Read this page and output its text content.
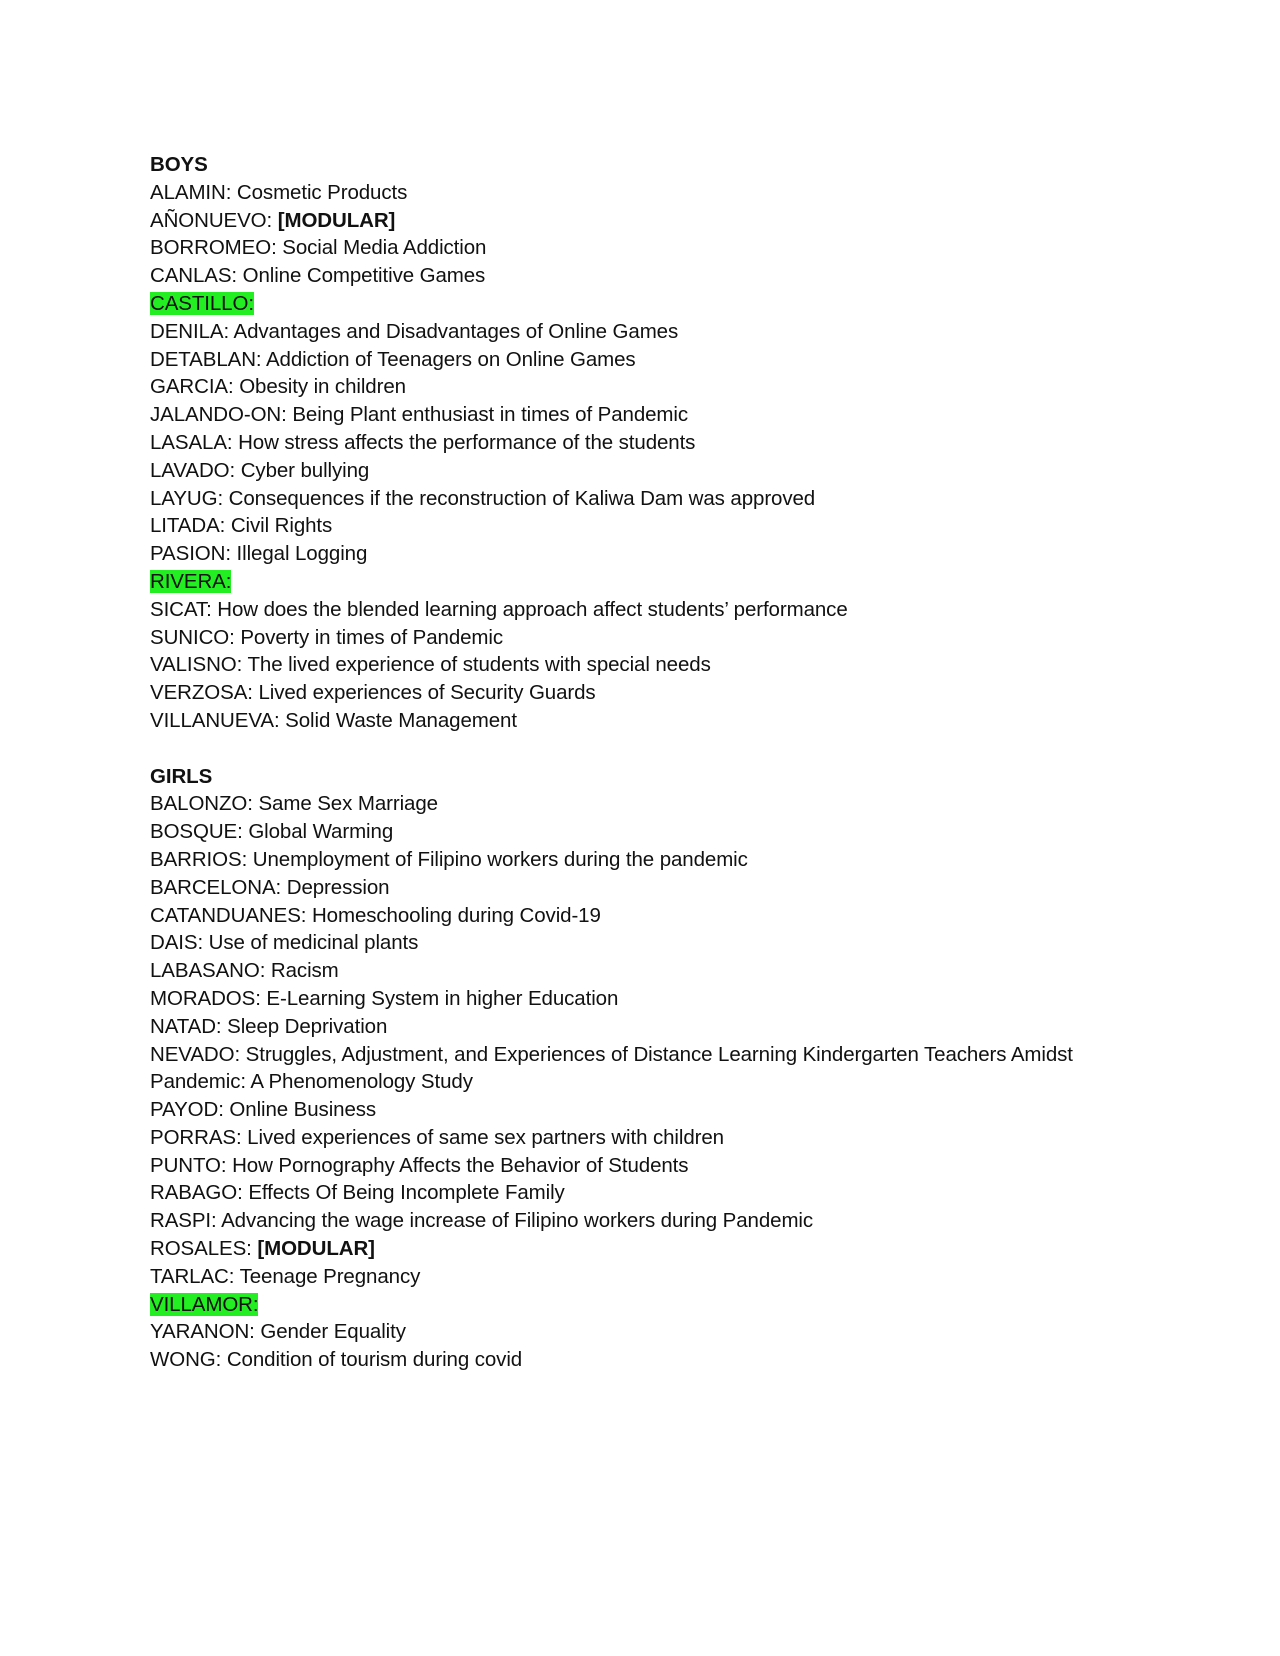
BOYS
ALAMIN: Cosmetic Products
AÑONUEVO: [MODULAR]
BORROMEO: Social Media Addiction
CANLAS: Online Competitive Games
CASTILLO:
DENILA: Advantages and Disadvantages of Online Games
DETABLAN: Addiction of Teenagers on Online Games
GARCIA: Obesity in children
JALANDO-ON: Being Plant enthusiast in times of Pandemic
LASALA: How stress affects the performance of the students
LAVADO: Cyber bullying
LAYUG: Consequences if the reconstruction of Kaliwa Dam was approved
LITADA: Civil Rights
PASION: Illegal Logging
RIVERA:
SICAT: How does the blended learning approach affect students’ performance
SUNICO: Poverty in times of Pandemic
VALISNO: The lived experience of students with special needs
VERZOSA: Lived experiences of Security Guards
VILLANUEVA: Solid Waste Management
GIRLS
BALONZO: Same Sex Marriage
BOSQUE: Global Warming
BARRIOS: Unemployment of Filipino workers during the pandemic
BARCELONA: Depression
CATANDUANES: Homeschooling during Covid-19
DAIS: Use of medicinal plants
LABASANO: Racism
MORADOS: E-Learning System in higher Education
NATAD: Sleep Deprivation
NEVADO: Struggles, Adjustment, and Experiences of Distance Learning Kindergarten Teachers Amidst
Pandemic: A Phenomenology Study
PAYOD: Online Business
PORRAS: Lived experiences of same sex partners with children
PUNTO: How Pornography Affects the Behavior of Students
RABAGO: Effects Of Being Incomplete Family
RASPI: Advancing the wage increase of Filipino workers during Pandemic
ROSALES: [MODULAR]
TARLAC: Teenage Pregnancy
VILLAMOR:
YARANON: Gender Equality
WONG: Condition of tourism during covid
